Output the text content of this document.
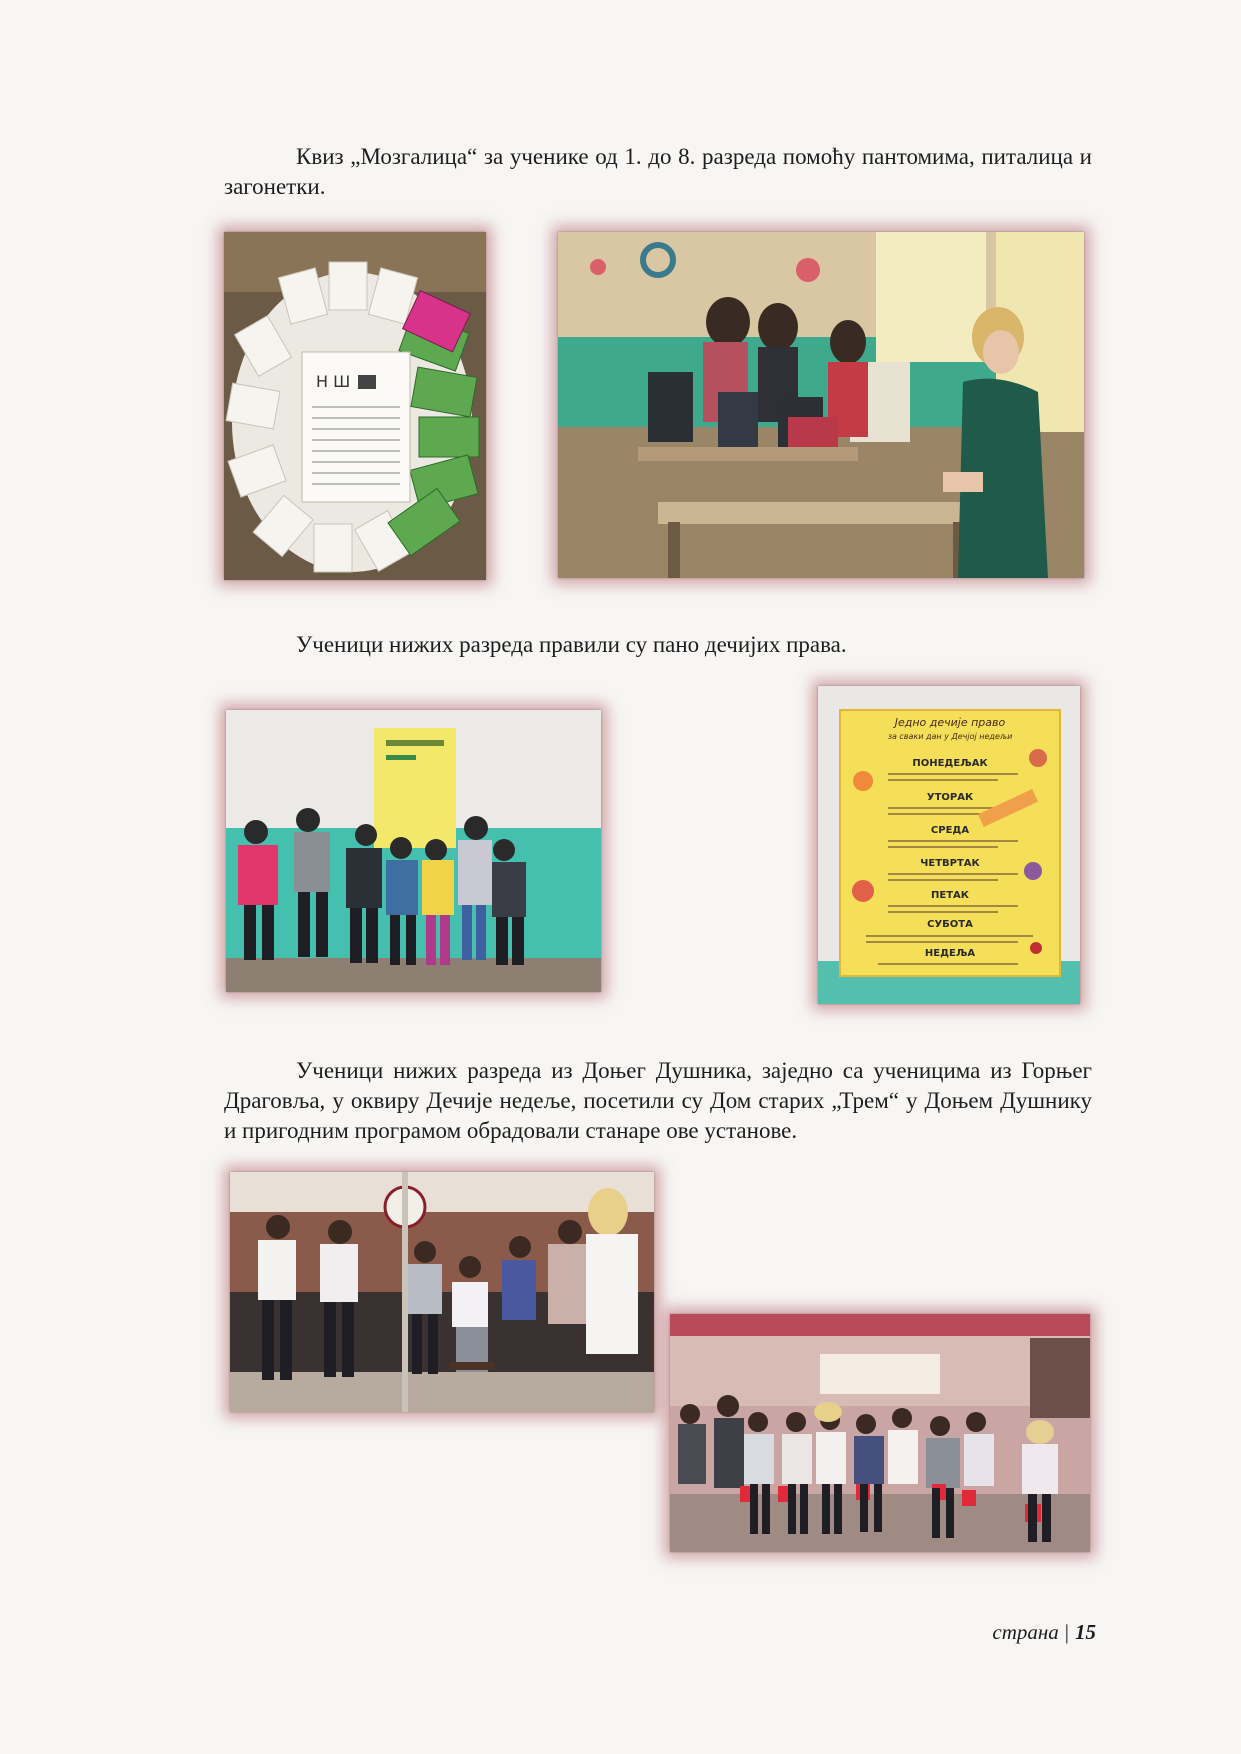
Квиз „Мозгалица“ за ученике од 1. до 8. разреда помоћу пантомима, питалица и загонетки.

Н Ш

Ученици нижих разреда правили су пано дечијих права.

Једно дечије право
за сваки дан у Дечјој недељи
ПОНЕДЕЉАК
УТОРАК
СРЕДА
ЧЕТВРТАК
ПЕТАК
СУБОТА
НЕДЕЉА

Ученици нижих разреда из Доњег Душника, заједно са ученицима из Горњег Драговља, у оквиру Дечије недеље, посетили су Дом старих „Трем“ у Доњем Душнику и пригодним програмом обрадовали станаре ове установе.

страна | 15
